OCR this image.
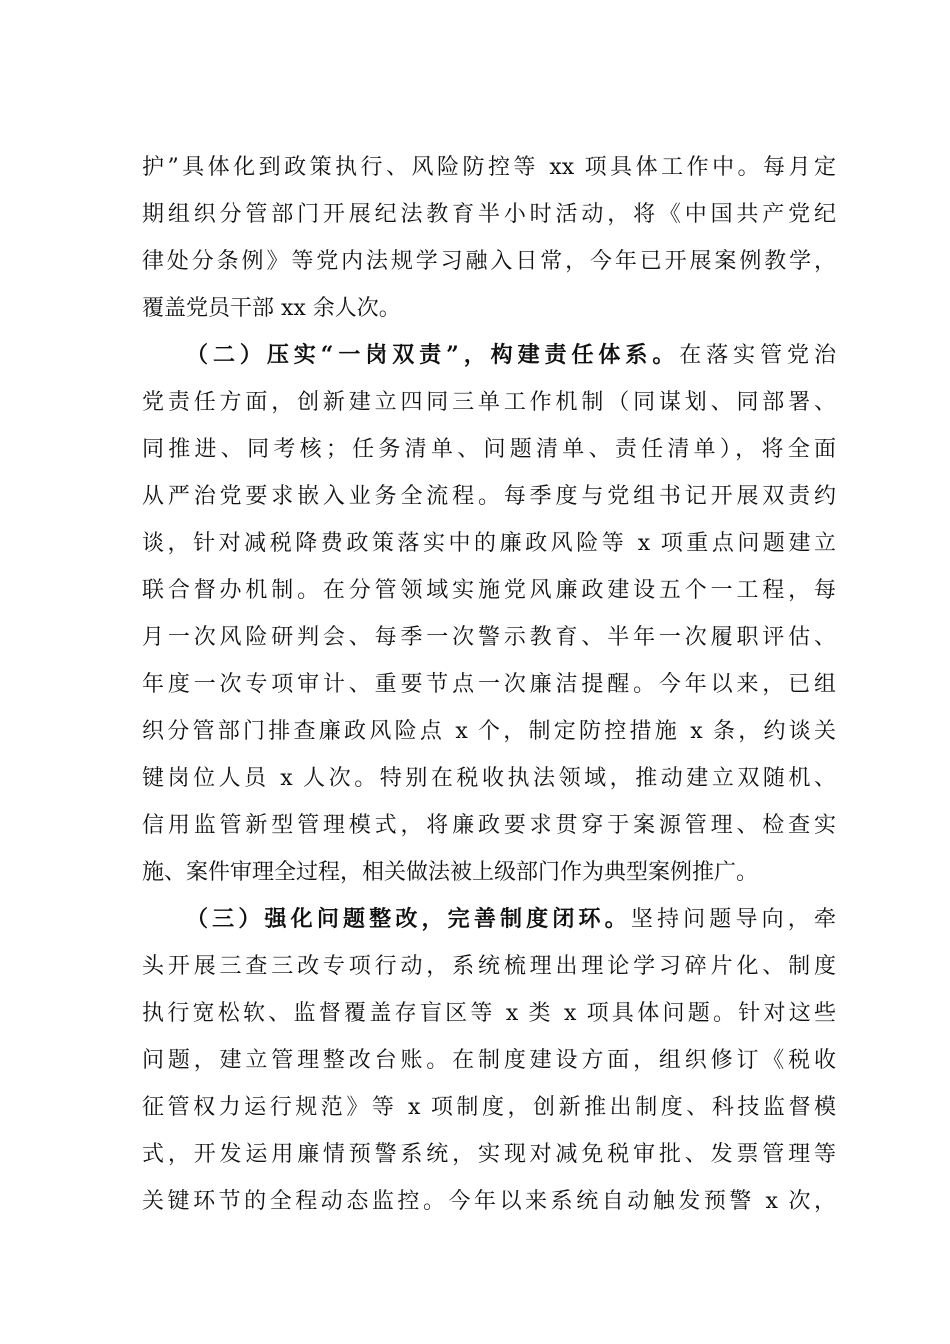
护”具体化到政策执行、风险防控等 xx 项具体工作中。每月定
期组织分管部门开展纪法教育半小时活动，将《中国共产党纪
律处分条例》等党内法规学习融入日常，今年已开展案例教学，
覆盖党员干部 xx 余人次。
（二）压实“一岗双责”，构建责任体系。在落实管党治
党责任方面，创新建立四同三单工作机制（同谋划、同部署、
同推进、同考核；任务清单、问题清单、责任清单），将全面
从严治党要求嵌入业务全流程。每季度与党组书记开展双责约
谈，针对减税降费政策落实中的廉政风险等 x 项重点问题建立
联合督办机制。在分管领域实施党风廉政建设五个一工程，每
月一次风险研判会、每季一次警示教育、半年一次履职评估、
年度一次专项审计、重要节点一次廉洁提醒。今年以来，已组
织分管部门排查廉政风险点 x 个，制定防控措施 x 条，约谈关
键岗位人员 x 人次。特别在税收执法领域，推动建立双随机、
信用监管新型管理模式，将廉政要求贯穿于案源管理、检查实
施、案件审理全过程，相关做法被上级部门作为典型案例推广。
（三）强化问题整改，完善制度闭环。坚持问题导向，牵
头开展三查三改专项行动，系统梳理出理论学习碎片化、制度
执行宽松软、监督覆盖存盲区等 x 类 x 项具体问题。针对这些
问题，建立管理整改台账。在制度建设方面，组织修订《税收
征管权力运行规范》等 x 项制度，创新推出制度、科技监督模
式，开发运用廉情预警系统，实现对减免税审批、发票管理等
关键环节的全程动态监控。今年以来系统自动触发预警 x 次，
